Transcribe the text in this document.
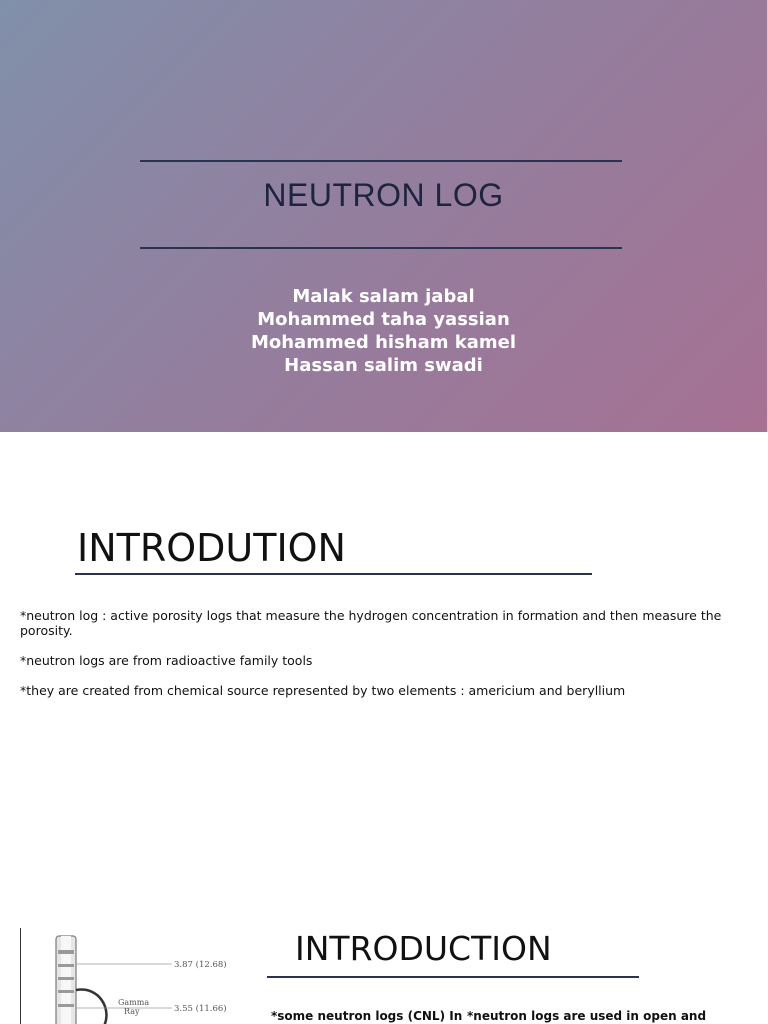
NEUTRON LOG
Malak salam jabal
Mohammed taha yassian
Mohammed hisham kamel
Hassan salim swadi
INTRODUTION

*neutron log : active porosity logs that measure the hydrogen concentration in formation and then measure the porosity.

*neutron logs are from radioactive family tools

*they are created from chemical source represented by two elements : americium and beryllium

3.87 (12.68)
3.55 (11.66)
Gamma
Ray
INTRODUCTION
*some neutron logs (CNL) In *neutron logs are used in open and
